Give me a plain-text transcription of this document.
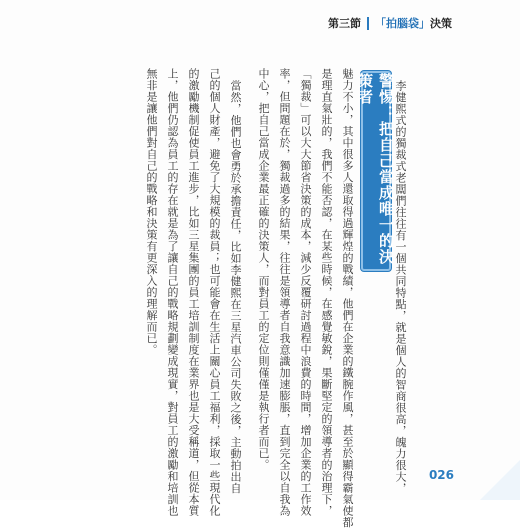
第三節 「拍腦袋」決策
警惕：把自己當成唯一的決策者	李健熙式的獨裁式老闆們往往有一個共同特點，就是個人的智商很高，魄力很大，
魅力不小，其中很多人還取得過輝煌的戰績，他們在企業的鐵腕作風，甚至於顯得霸氣使都
是理直氣壯的，我們不能否認，在某些時候，在感覺敏銳，果斷堅定的領導者的治理下，
「獨裁」可以大大節省決策的成本，減少反覆研討過程中浪費的時間，增加企業的工作效
率，但問題在於，獨裁過多的結果，往往是領導者自我意識加速膨脹，直到完全以自我為
中心，把自己當成企業最正確的決策人，而對員工的定位則僅僅是執行者而已。
當然，他們也會勇於承擔責任，比如李健熙在三星汽車公司失敗之後，主動拍出自
己的個人財產，避免了大規模的裁員；也可能會在生活上關心員工福利，採取一些現代化
的激勵機制促使員工進步，比如三星集團的員工培訓制度在業界也是大受稱道，但從本質
上，他們仍認為員工的存在就是為了讓自己的戰略規劃變成現實，對員工的激勵和培訓也
無非是讓他們對自己的戰略和決策有更深入的理解而已。
026
